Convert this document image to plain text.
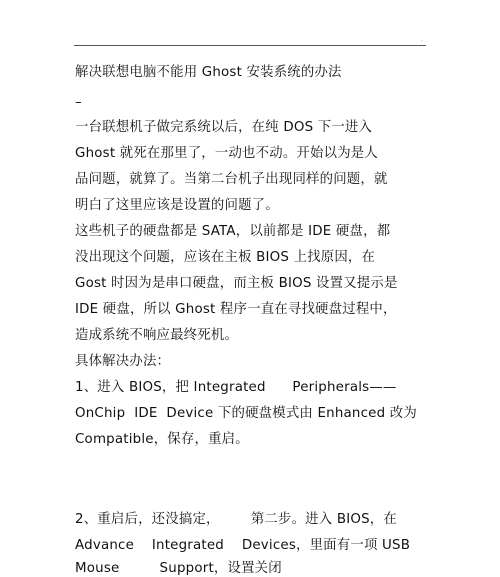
.
解决联想电脑不能用 Ghost 安装系统的办法
–
一台联想机子做完系统以后，在纯 DOS 下一进入
Ghost 就死在那里了，一动也不动。开始以为是人
品问题，就算了。当第二台机子出现同样的问题，就
明白了这里应该是设置的问题了。
这些机子的硬盘都是 SATA，以前都是 IDE 硬盘，都
没出现这个问题，应该在主板 BIOS 上找原因，在
Gost 时因为是串口硬盘，而主板 BIOS 设置又提示是
IDE 硬盘，所以 Ghost 程序一直在寻找硬盘过程中，
造成系统不响应最终死机。
具体解决办法：
1、进入 BIOS，把 Integrated      Peripherals——
OnChip  IDE  Device 下的硬盘模式由 Enhanced 改为
Compatible，保存，重启。
2、重启后，还没搞定，       第二步。进入 BIOS，在
Advance    Integrated    Devices，里面有一项 USB
Mouse         Support，设置关闭
